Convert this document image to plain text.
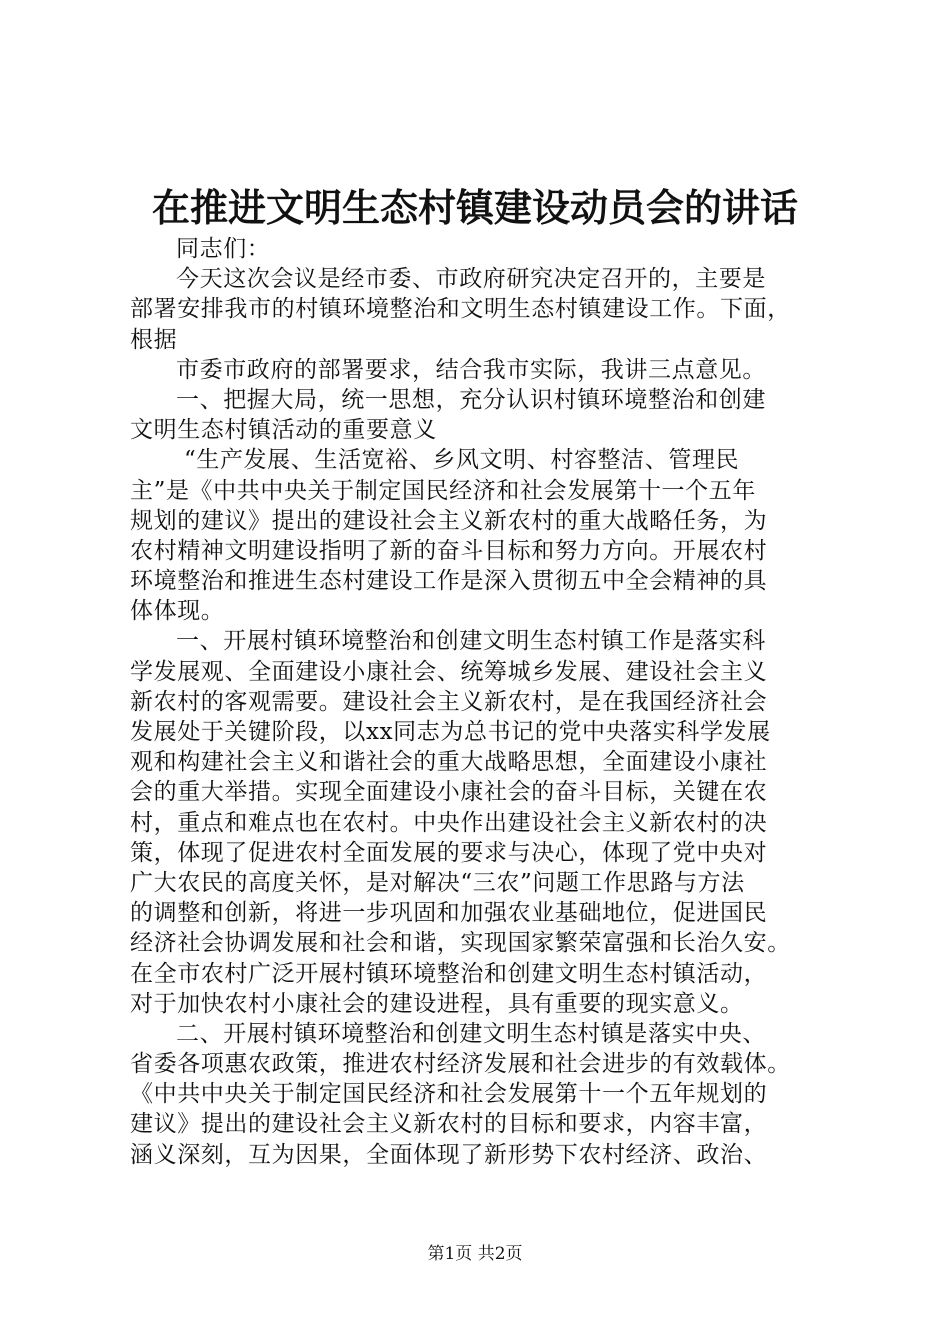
在推进文明生态村镇建设动员会的讲话
同志们：
今天这次会议是经市委、市政府研究决定召开的，主要是
部署安排我市的村镇环境整治和文明生态村镇建设工作。下面，
根据
市委市政府的部署要求，结合我市实际，我讲三点意见。
一、把握大局，统一思想，充分认识村镇环境整治和创建
文明生态村镇活动的重要意义
“生产发展、生活宽裕、乡风文明、村容整洁、管理民
主”是《中共中央关于制定国民经济和社会发展第十一个五年
规划的建议》提出的建设社会主义新农村的重大战略任务，为
农村精神文明建设指明了新的奋斗目标和努力方向。开展农村
环境整治和推进生态村建设工作是深入贯彻五中全会精神的具
体体现。
一、开展村镇环境整治和创建文明生态村镇工作是落实科
学发展观、全面建设小康社会、统筹城乡发展、建设社会主义
新农村的客观需要。建设社会主义新农村，是在我国经济社会
发展处于关键阶段，以xx同志为总书记的党中央落实科学发展
观和构建社会主义和谐社会的重大战略思想，全面建设小康社
会的重大举措。实现全面建设小康社会的奋斗目标，关键在农
村，重点和难点也在农村。中央作出建设社会主义新农村的决
策，体现了促进农村全面发展的要求与决心，体现了党中央对
广大农民的高度关怀，是对解决“三农”问题工作思路与方法
的调整和创新，将进一步巩固和加强农业基础地位，促进国民
经济社会协调发展和社会和谐，实现国家繁荣富强和长治久安。
在全市农村广泛开展村镇环境整治和创建文明生态村镇活动，
对于加快农村小康社会的建设进程，具有重要的现实意义。
二、开展村镇环境整治和创建文明生态村镇是落实中央、
省委各项惠农政策，推进农村经济发展和社会进步的有效载体。
《中共中央关于制定国民经济和社会发展第十一个五年规划的
建议》提出的建设社会主义新农村的目标和要求，内容丰富，
涵义深刻，互为因果，全面体现了新形势下农村经济、政治、
第1页 共2页
